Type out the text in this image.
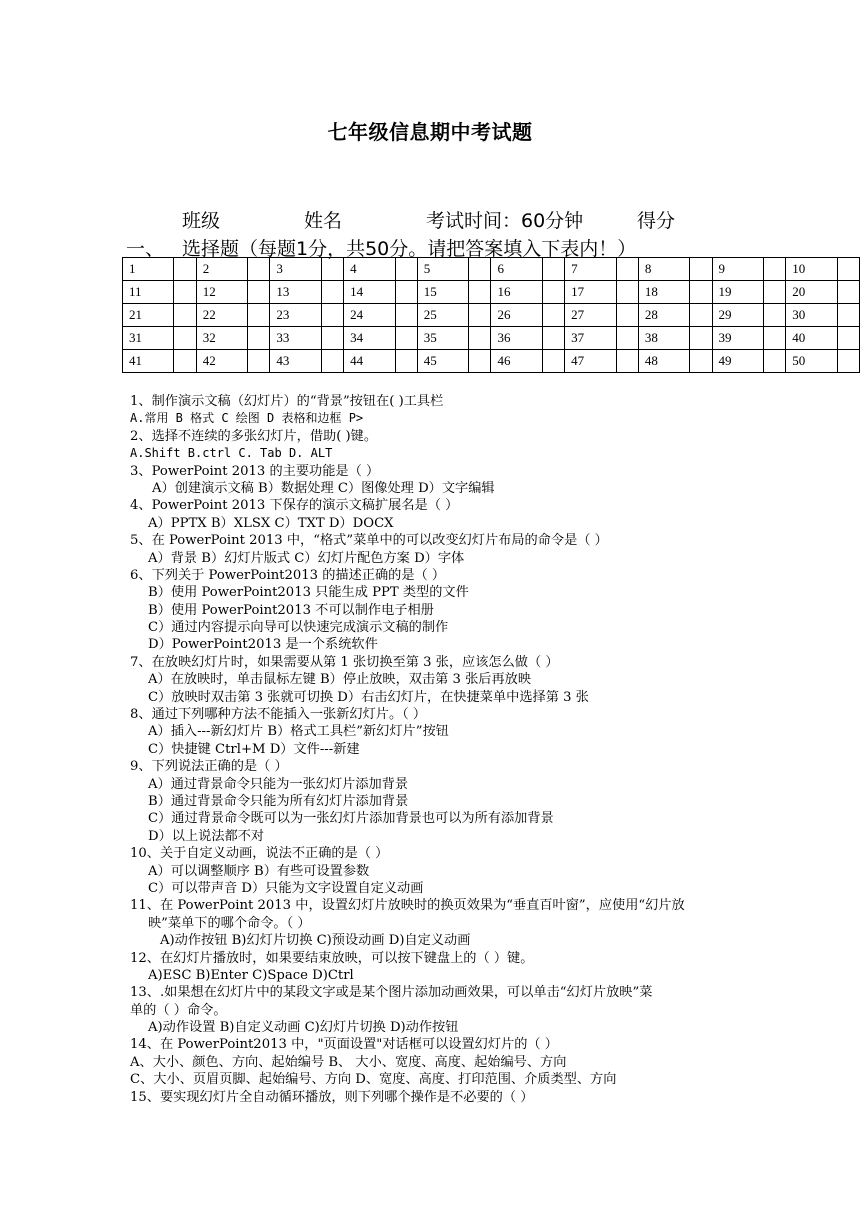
七年级信息期中考试题
班级	姓名	考试时间：60分钟	得分
一、 选择题（每题1分，共50分。请把答案填入下表内！）
1		2		3		4		5		6		7		8		9		10	
11		12		13		14		15		16		17		18		19		20	
21		22		23		24		25		26		27		28		29		30	
31		32		33		34		35		36		37		38		39		40	
41		42		43		44		45		46		47		48		49		50	
1、制作演示文稿（幻灯片）的“背景”按钮在( )工具栏
A.常用 B 格式 C 绘图 D 表格和边框 P>
2、选择不连续的多张幻灯片，借助( )键。
A.Shift B.ctrl C. Tab D. ALT
3、PowerPoint 2013 的主要功能是（ ）
A）创建演示文稿 B）数据处理 C）图像处理 D）文字编辑
4、PowerPoint 2013 下保存的演示文稿扩展名是（ ）
A）PPTX B）XLSX C）TXT D）DOCX
5、在 PowerPoint 2013 中，“格式”菜单中的可以改变幻灯片布局的命令是（ ）
A）背景 B）幻灯片版式 C）幻灯片配色方案 D）字体
6、下列关于 PowerPoint2013 的描述正确的是（ ）
B）使用 PowerPoint2013 只能生成 PPT 类型的文件
B）使用 PowerPoint2013 不可以制作电子相册
C）通过内容提示向导可以快速完成演示文稿的制作
D）PowerPoint2013 是一个系统软件
7、在放映幻灯片时，如果需要从第 1 张切换至第 3 张，应该怎么做（ ）
A）在放映时，单击鼠标左键 B）停止放映，双击第 3 张后再放映
C）放映时双击第 3 张就可切换 D）右击幻灯片，在快捷菜单中选择第 3 张
8、通过下列哪种方法不能插入一张新幻灯片。（ ）
A）插入---新幻灯片 B）格式工具栏”新幻灯片”按钮
C）快捷键 Ctrl+M D）文件---新建
9、下列说法正确的是（ ）
A）通过背景命令只能为一张幻灯片添加背景
B）通过背景命令只能为所有幻灯片添加背景
C）通过背景命令既可以为一张幻灯片添加背景也可以为所有添加背景
D）以上说法都不对
10、关于自定义动画，说法不正确的是（ ）
A）可以调整顺序 B）有些可设置参数
C）可以带声音 D）只能为文字设置自定义动画
11、在 PowerPoint 2013 中，设置幻灯片放映时的换页效果为“垂直百叶窗”，应使用“幻片放
映”菜单下的哪个命令。（ ）
A)动作按钮 B)幻灯片切换 C)预设动画 D)自定义动画
12、在幻灯片播放时，如果要结束放映，可以按下键盘上的（ ）键。
A)ESC B)Enter C)Space D)Ctrl
13、.如果想在幻灯片中的某段文字或是某个图片添加动画效果，可以单击“幻灯片放映”菜
单的（ ）命令。
A)动作设置 B)自定义动画 C)幻灯片切换 D)动作按钮
14、在 PowerPoint2013 中，"页面设置"对话框可以设置幻灯片的（ ）
A、大小、颜色、方向、起始编号 B、 大小、宽度、高度、起始编号、方向
C、大小、页眉页脚、起始编号、方向 D、宽度、高度、打印范围、介质类型、方向
15、要实现幻灯片全自动循环播放，则下列哪个操作是不必要的（ ）
